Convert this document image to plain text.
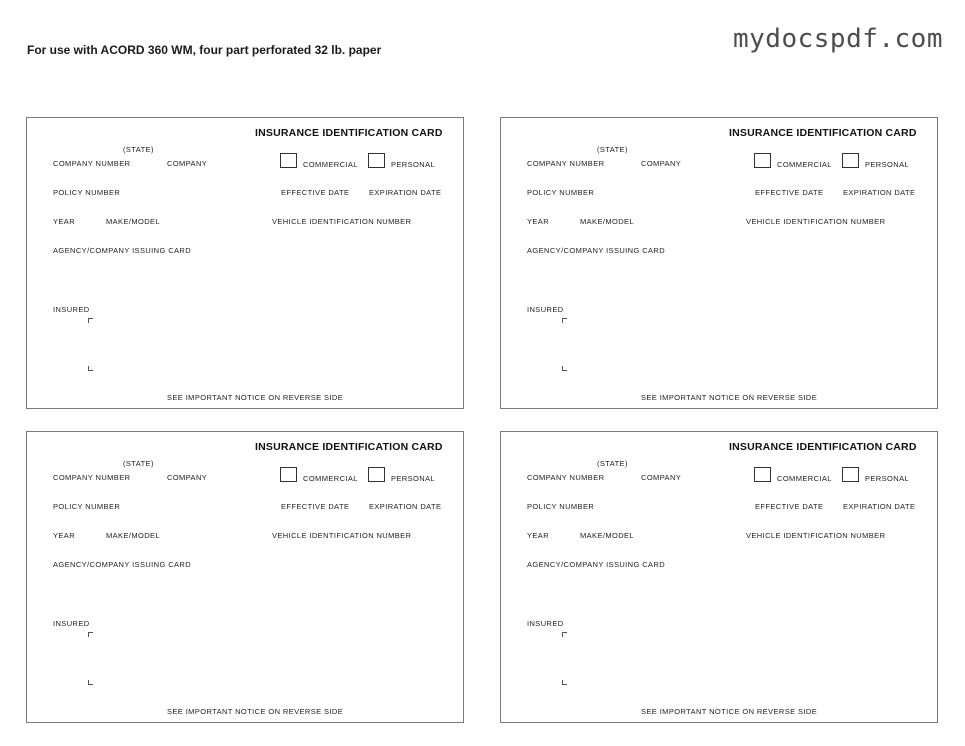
For use with ACORD 360 WM, four part perforated 32 lb. paper	mydocspdf.com
INSURANCE IDENTIFICATION CARD
(STATE)
COMPANY NUMBER	COMPANY	COMMERCIAL	PERSONAL
POLICY NUMBER	EFFECTIVE DATE	EXPIRATION DATE
YEAR	MAKE/MODEL	VEHICLE IDENTIFICATION NUMBER
AGENCY/COMPANY ISSUING CARD
INSURED
SEE IMPORTANT NOTICE ON REVERSE SIDE
INSURANCE IDENTIFICATION CARD
(STATE)
COMPANY NUMBER	COMPANY	COMMERCIAL	PERSONAL
POLICY NUMBER	EFFECTIVE DATE	EXPIRATION DATE
YEAR	MAKE/MODEL	VEHICLE IDENTIFICATION NUMBER
AGENCY/COMPANY ISSUING CARD
INSURED
SEE IMPORTANT NOTICE ON REVERSE SIDE
INSURANCE IDENTIFICATION CARD
(STATE)
COMPANY NUMBER	COMPANY	COMMERCIAL	PERSONAL
POLICY NUMBER	EFFECTIVE DATE	EXPIRATION DATE
YEAR	MAKE/MODEL	VEHICLE IDENTIFICATION NUMBER
AGENCY/COMPANY ISSUING CARD
INSURED
SEE IMPORTANT NOTICE ON REVERSE SIDE
INSURANCE IDENTIFICATION CARD
(STATE)
COMPANY NUMBER	COMPANY	COMMERCIAL	PERSONAL
POLICY NUMBER	EFFECTIVE DATE	EXPIRATION DATE
YEAR	MAKE/MODEL	VEHICLE IDENTIFICATION NUMBER
AGENCY/COMPANY ISSUING CARD
INSURED
SEE IMPORTANT NOTICE ON REVERSE SIDE
